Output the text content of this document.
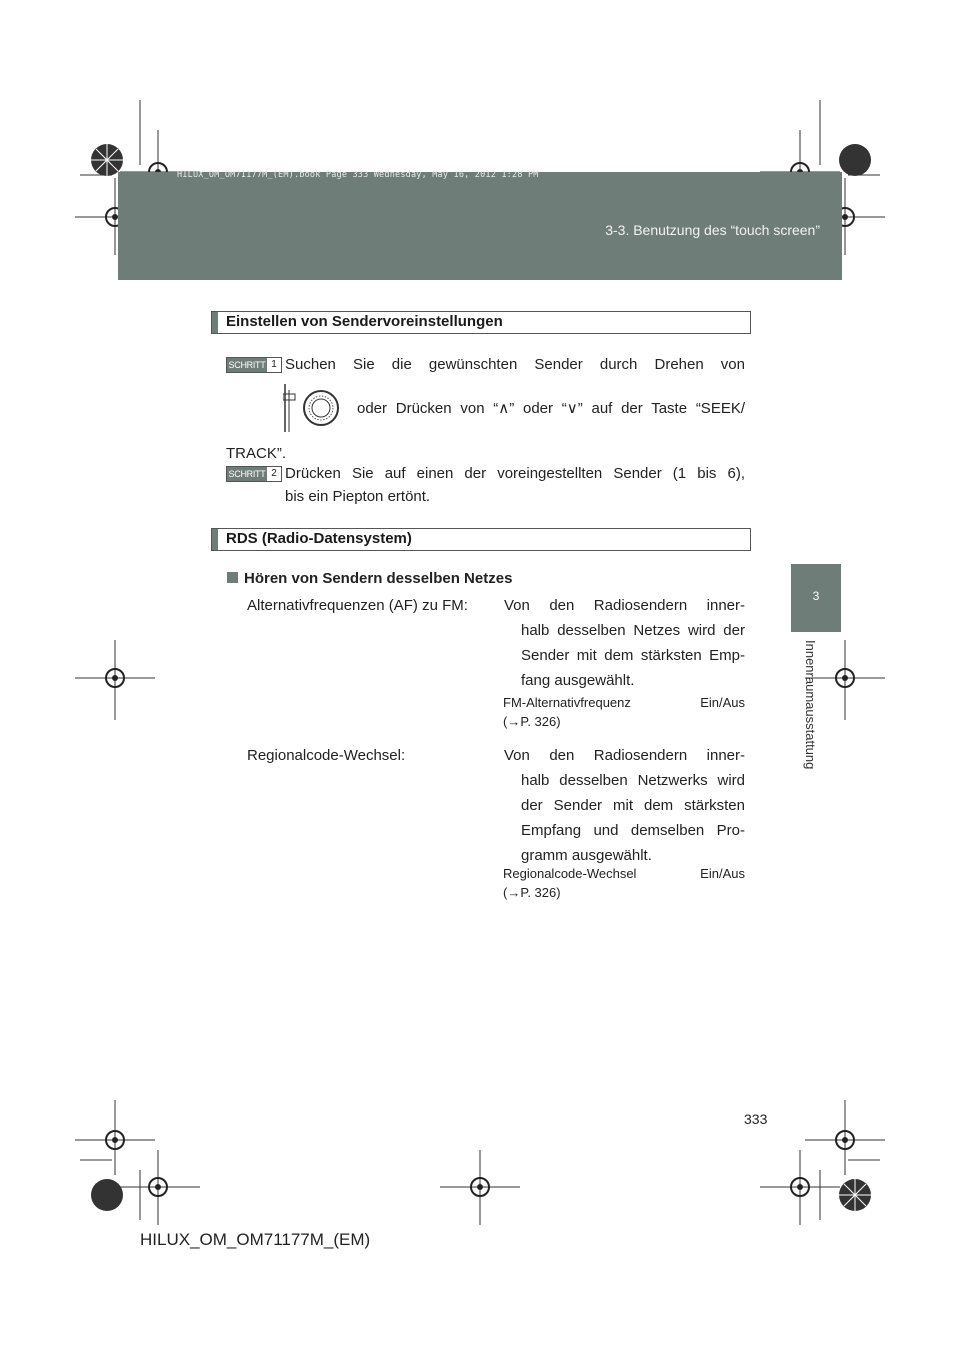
HILUX_OM_OM71177M_(EM).book Page 333 Wednesday, May 16, 2012 1:28 PM
3-3. Benutzung des “touch screen”
3
Innenraumausstattung
Einstellen von Sendervoreinstellungen
SCHRITT 1 Suchen Sie die gewünschten Sender durch Drehen von
oder Drücken von “∧” oder “∨” auf der Taste “SEEK/
TRACK”.
SCHRITT 2 Drücken Sie auf einen der voreingestellten Sender (1 bis 6),
bis ein Piepton ertönt.
RDS (Radio-Datensystem)
Hören von Sendern desselben Netzes
Alternativfrequenzen (AF) zu FM: Von den Radiosendern inner-
halb desselben Netzes wird der
Sender mit dem stärksten Emp-
fang ausgewählt.
FM-Alternativfrequenz Ein/Aus
(→P. 326)
Regionalcode-Wechsel:	Von den Radiosendern inner-
halb desselben Netzwerks wird
der Sender mit dem stärksten
Empfang und demselben Pro-
gramm ausgewählt.
Regionalcode-Wechsel Ein/Aus
(→P. 326)
333
HILUX_OM_OM71177M_(EM)
